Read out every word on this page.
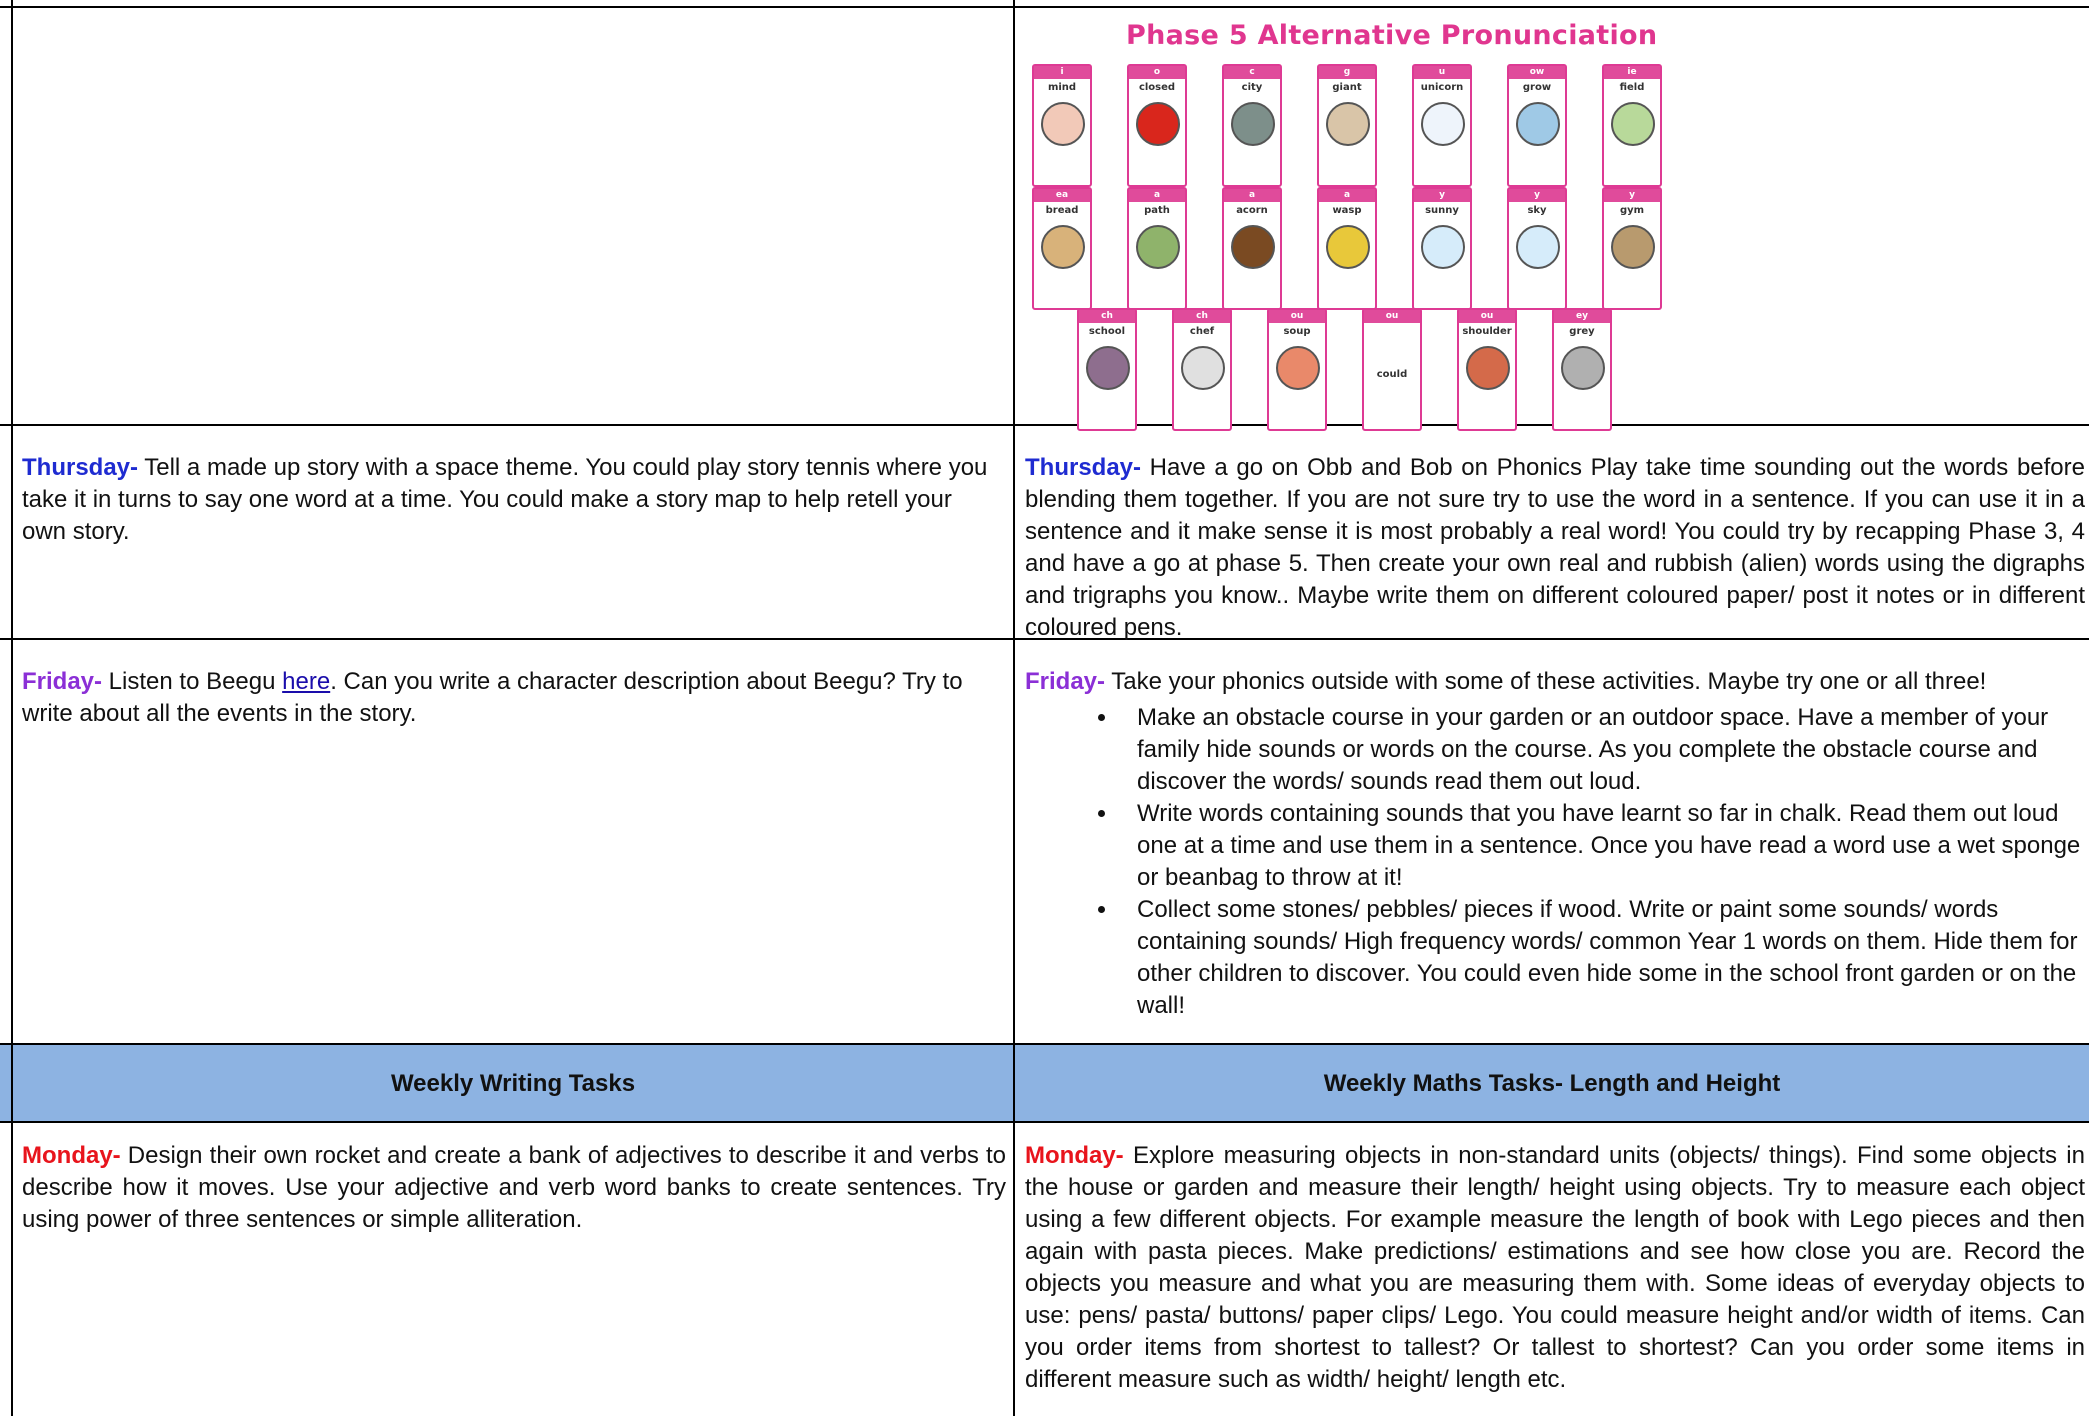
Phase 5 Alternative Pronunciation
i
mind
o
closed
c
city
g
giant
u
unicorn
ow
grow
ie
field
ea
bread
a
path
a
acorn
a
wasp
y
sunny
y
sky
y
gym
ch
school
ch
chef
ou
soup
ou
could
ou
shoulder
ey
grey
Thursday- Tell a made up story with a space theme. You could play story tennis where you take it in turns to say one word at a time. You could make a story map to help retell your own story.
Thursday- Have a go on Obb and Bob on Phonics Play take time sounding out the words before blending them together. If you are not sure try to use the word in a sentence. If you can use it in a sentence and it make sense it is most probably a real word! You could try by recapping Phase 3, 4 and have a go at phase 5. Then create your own real and rubbish (alien) words using the digraphs and trigraphs you know.. Maybe write them on different coloured paper/ post it notes or in different coloured pens.
Friday- Listen to Beegu here. Can you write a character description about Beegu? Try to write about all the events in the story.
Friday- Take your phonics outside with some of these activities. Maybe try one or all three!
• Make an obstacle course in your garden or an outdoor space. Have a member of your family hide sounds or words on the course. As you complete the obstacle course and discover the words/ sounds read them out loud.
• Write words containing sounds that you have learnt so far in chalk. Read them out loud one at a time and use them in a sentence. Once you have read a word use a wet sponge or beanbag to throw at it!
• Collect some stones/ pebbles/ pieces if wood. Write or paint some sounds/ words containing sounds/ High frequency words/ common Year 1 words on them. Hide them for other children to discover. You could even hide some in the school front garden or on the wall!
Weekly Writing Tasks	Weekly Maths Tasks- Length and Height
Monday- Design their own rocket and create a bank of adjectives to describe it and verbs to describe how it moves. Use your adjective and verb word banks to create sentences. Try using power of three sentences or simple alliteration.
Monday- Explore measuring objects in non-standard units (objects/ things). Find some objects in the house or garden and measure their length/ height using objects. Try to measure each object using a few different objects. For example measure the length of book with Lego pieces and then again with pasta pieces. Make predictions/ estimations and see how close you are. Record the objects you measure and what you are measuring them with. Some ideas of everyday objects to use: pens/ pasta/ buttons/ paper clips/ Lego. You could measure height and/or width of items. Can you order items from shortest to tallest? Or tallest to shortest? Can you order some items in different measure such as width/ height/ length etc.
